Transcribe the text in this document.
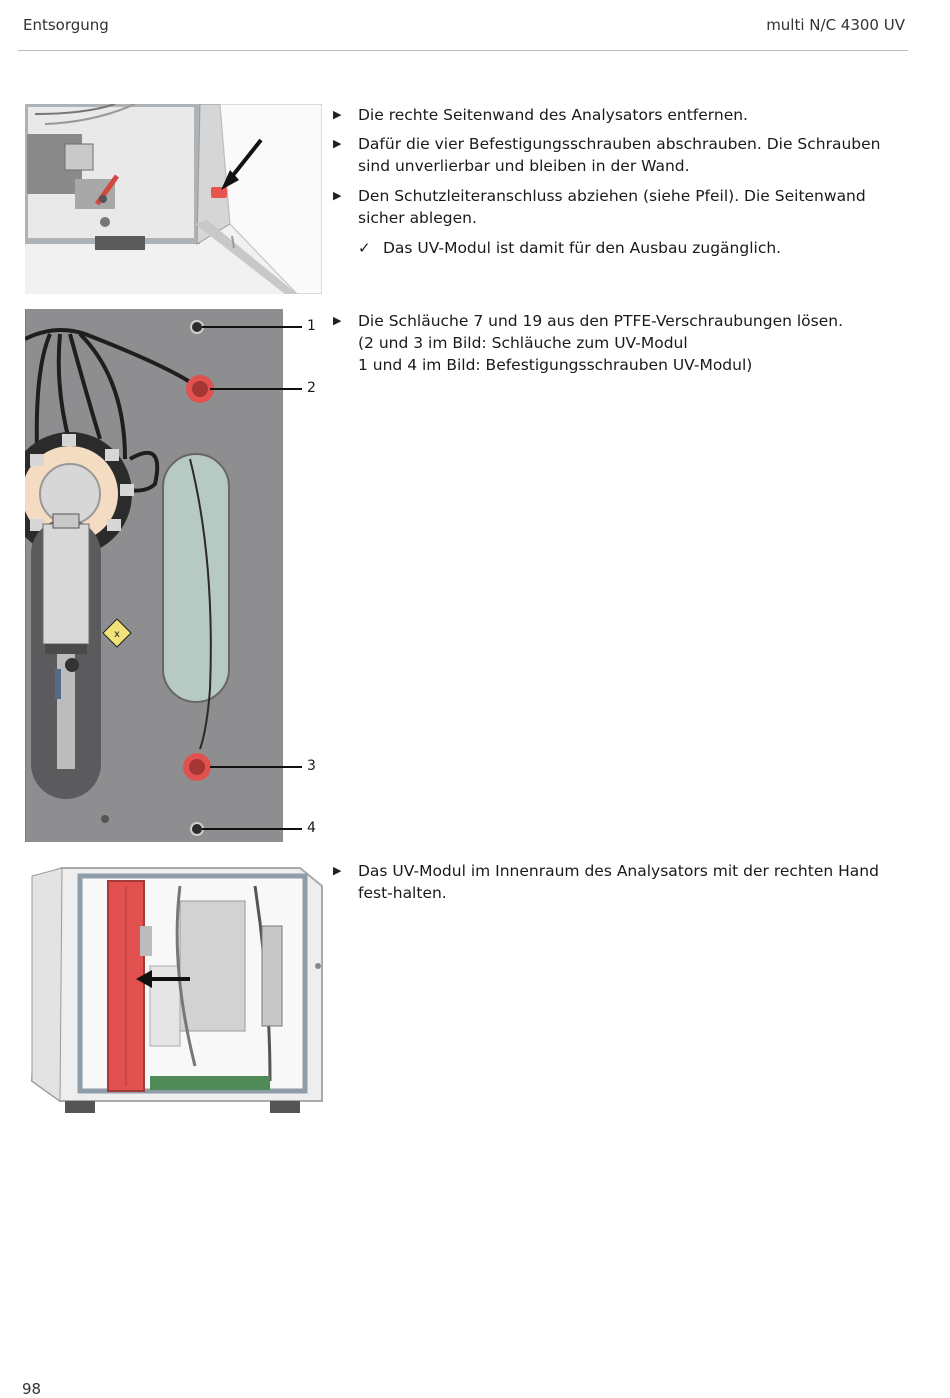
Entsorgung	multi N/C 4300 UV
x
1
2
3
4
▶ Die rechte Seitenwand des Analysators entfernen.
▶ Dafür die vier Befestigungsschrauben abschrauben. Die Schrauben sind unverlierbar und bleiben in der Wand.
▶ Den Schutzleiteranschluss abziehen (siehe Pfeil). Die Seitenwand sicher ablegen.
✓ Das UV-Modul ist damit für den Ausbau zugänglich.
▶ Die Schläuche 7 und 19 aus den PTFE-Verschraubungen lösen.
(2 und 3 im Bild: Schläuche zum UV-Modul
1 und 4 im Bild: Befestigungsschrauben UV-Modul)
▶ Das UV-Modul im Innenraum des Analysators mit der rechten Hand fest-halten.
98
